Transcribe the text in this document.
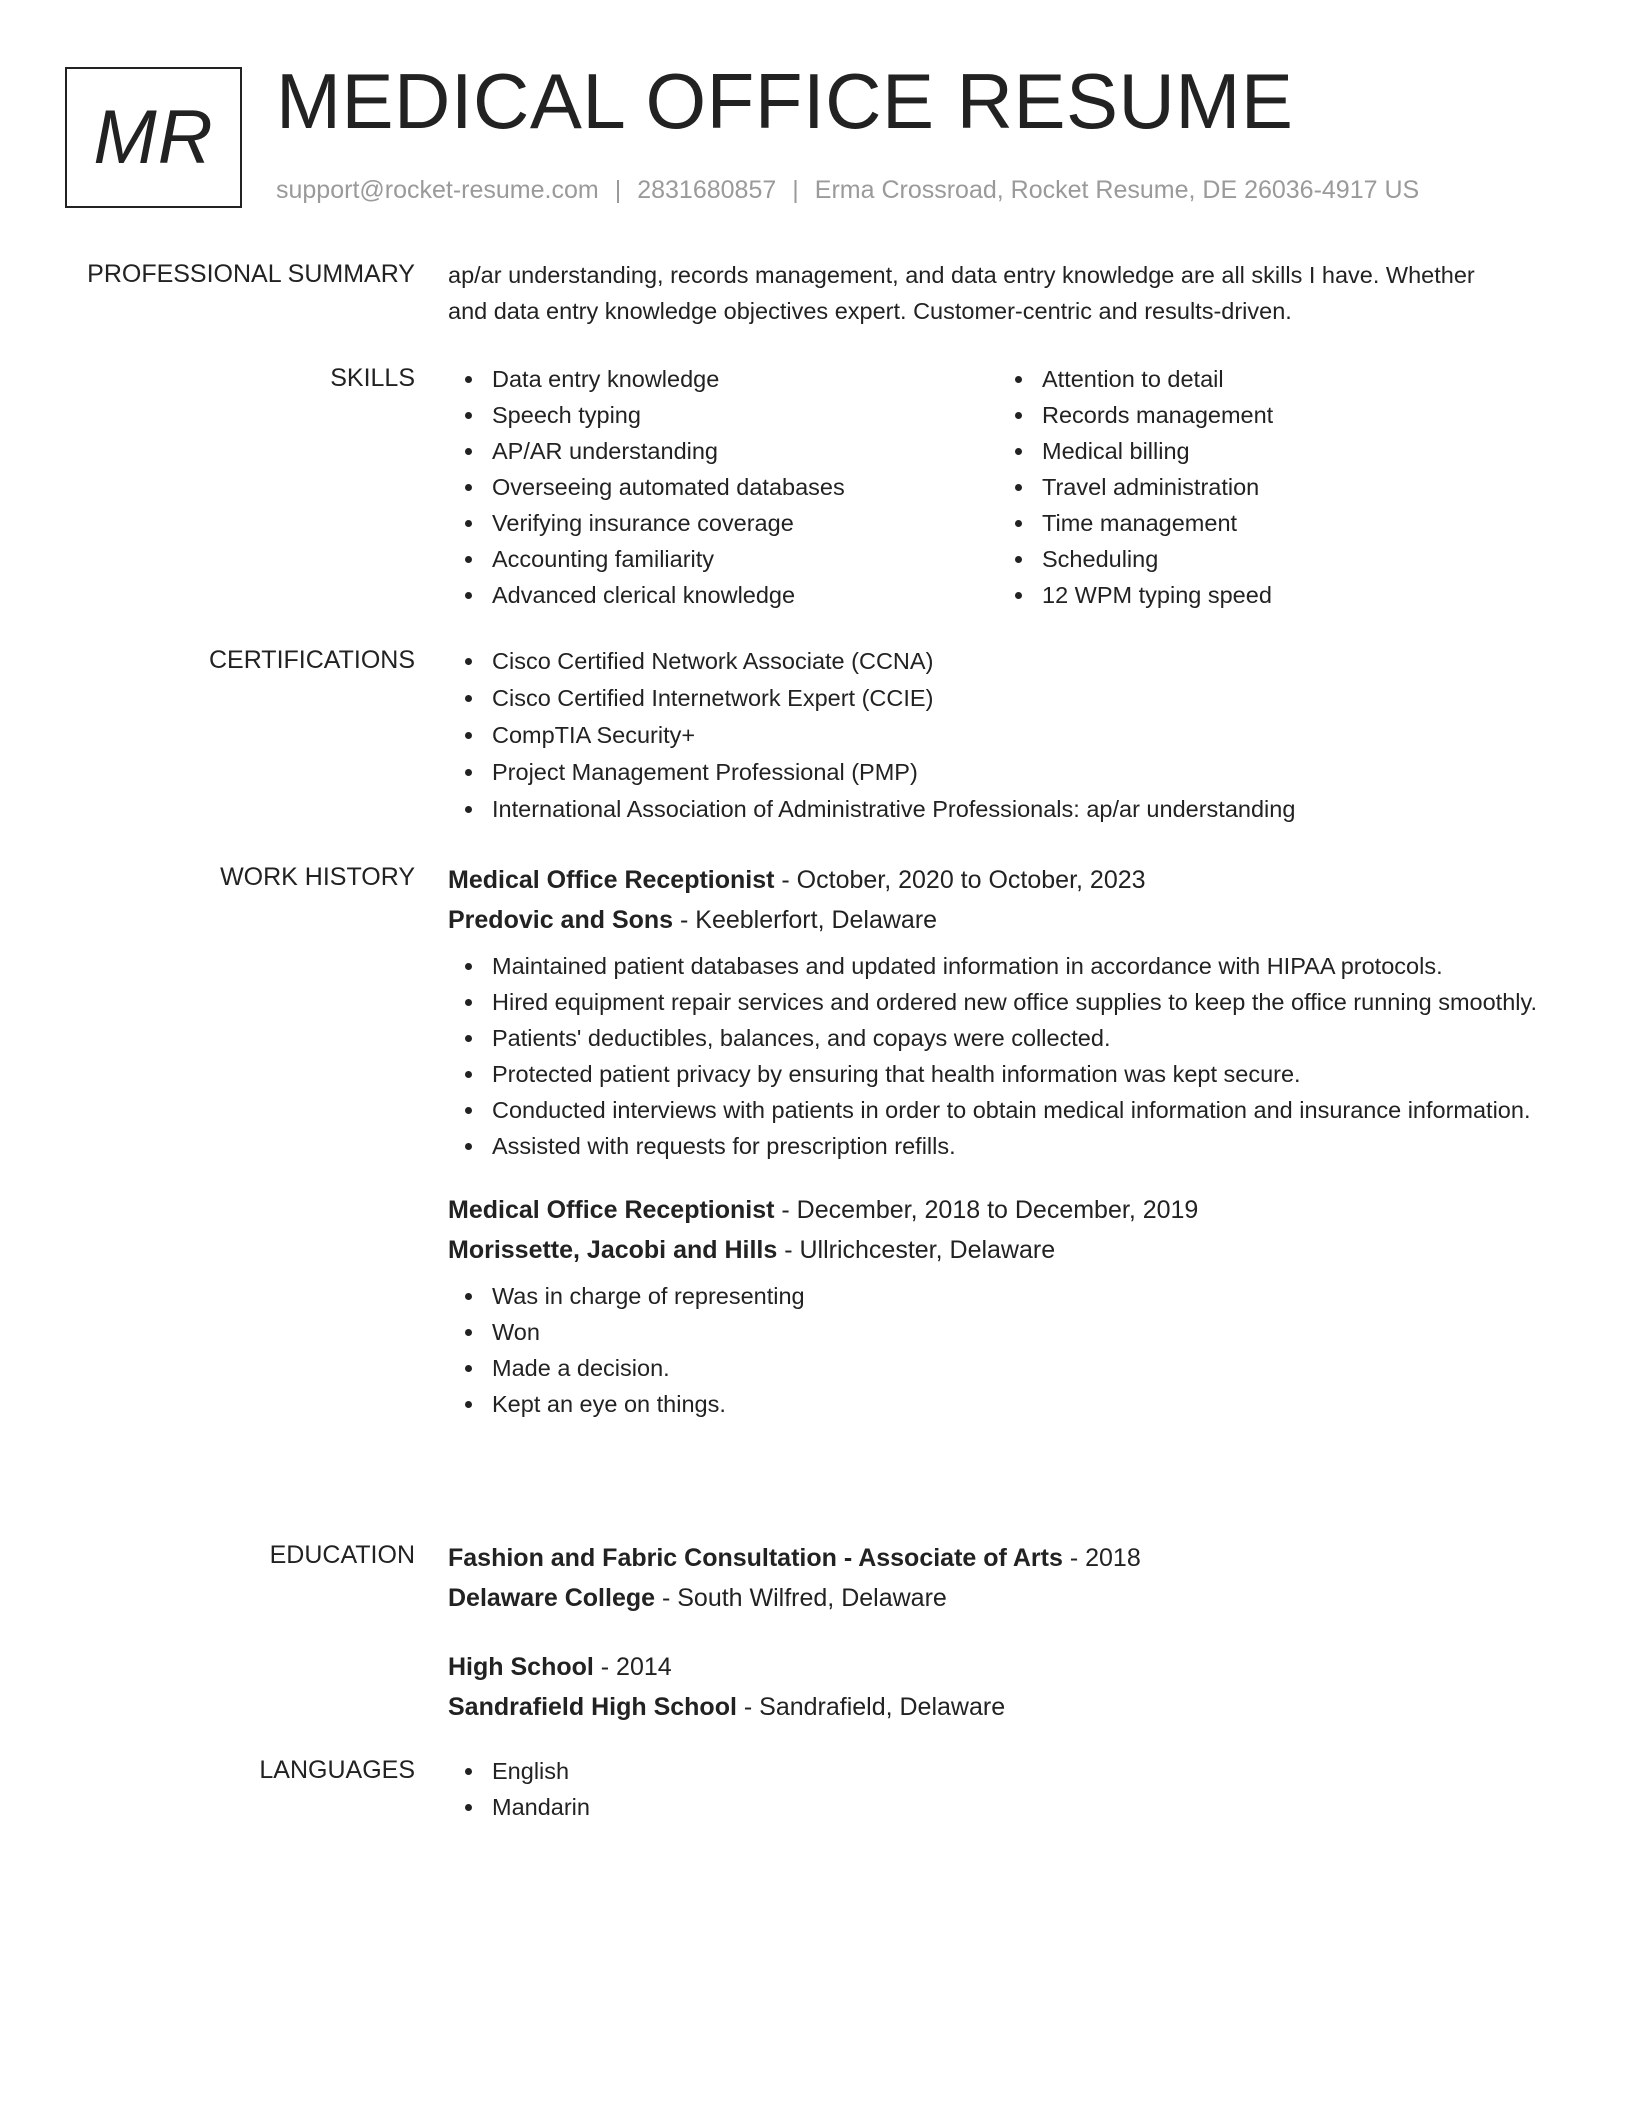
MR MEDICAL OFFICE RESUME
support@rocket-resume.com | 2831680857 | Erma Crossroad, Rocket Resume, DE 26036-4917 US
PROFESSIONAL SUMMARY ap/ar understanding, records management, and data entry knowledge are all skills I have. Whether
and data entry knowledge objectives expert. Customer-centric and results-driven.
SKILLS	Data entry knowledge
Speech typing
AP/AR understanding
Overseeing automated databases
Verifying insurance coverage
Accounting familiarity
Advanced clerical knowledge
Attention to detail
Records management
Medical billing
Travel administration
Time management
Scheduling
12 WPM typing speed
CERTIFICATIONS	Cisco Certified Network Associate (CCNA)
Cisco Certified Internetwork Expert (CCIE)
CompTIA Security+
Project Management Professional (PMP)
International Association of Administrative Professionals: ap/ar understanding
WORK HISTORY Medical Office Receptionist - October, 2020 to October, 2023
Predovic and Sons - Keeblerfort, Delaware
Maintained patient databases and updated information in accordance with HIPAA protocols.
Hired equipment repair services and ordered new office supplies to keep the office running smoothly.
Patients' deductibles, balances, and copays were collected.
Protected patient privacy by ensuring that health information was kept secure.
Conducted interviews with patients in order to obtain medical information and insurance information.
Assisted with requests for prescription refills.
Medical Office Receptionist - December, 2018 to December, 2019
Morissette, Jacobi and Hills - Ullrichcester, Delaware
Was in charge of representing
Won
Made a decision.
Kept an eye on things.
EDUCATION Fashion and Fabric Consultation - Associate of Arts - 2018
Delaware College - South Wilfred, Delaware
High School - 2014
Sandrafield High School - Sandrafield, Delaware
LANGUAGES	English
Mandarin
